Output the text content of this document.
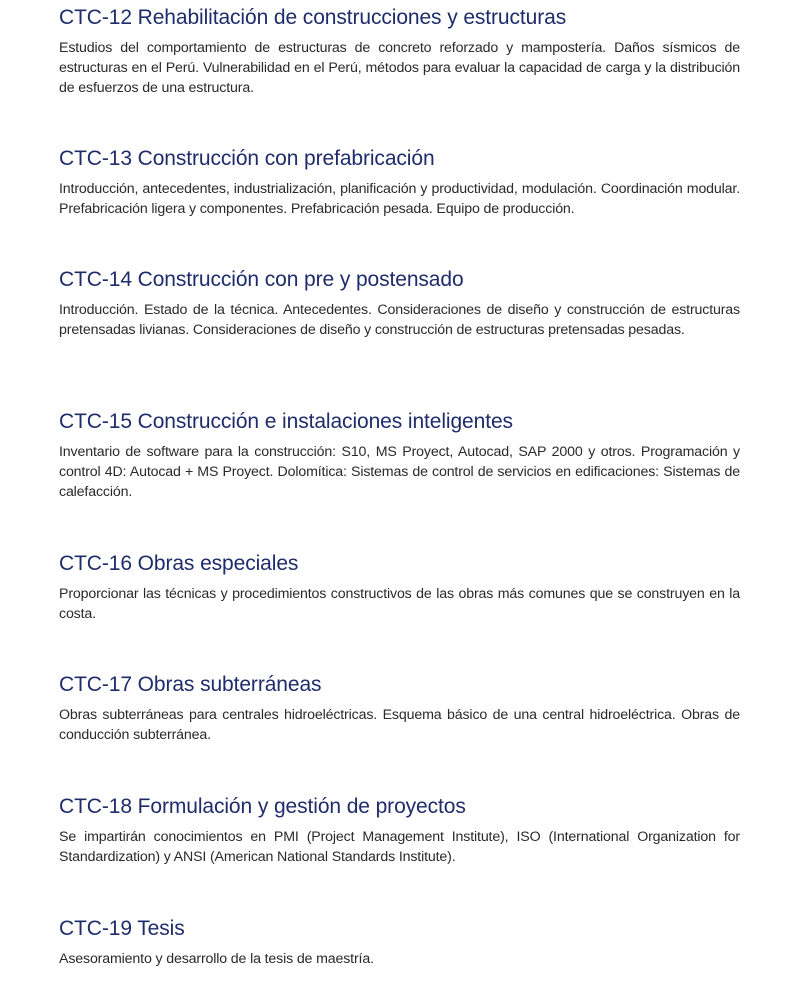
CTC-12 Rehabilitación de construcciones y estructuras

Estudios del comportamiento de estructuras de concreto reforzado y mampostería. Daños sísmicos de estructuras en el Perú. Vulnerabilidad en el Perú, métodos para evaluar la capacidad de carga y la distribución de esfuerzos de una estructura.

CTC-13 Construcción con prefabricación

Introducción, antecedentes, industrialización, planificación y productividad, modulación. Coordinación modular. Prefabricación ligera y componentes. Prefabricación pesada. Equipo de producción.

CTC-14 Construcción con pre y postensado

Introducción. Estado de la técnica. Antecedentes. Consideraciones de diseño y construcción de estructuras pretensadas livianas. Consideraciones de diseño y construcción de estructuras pretensadas pesadas.

CTC-15 Construcción e instalaciones inteligentes

Inventario de software para la construcción: S10, MS Proyect, Autocad, SAP 2000 y otros. Programación y control 4D: Autocad + MS Proyect. Dolomítica: Sistemas de control de servicios en edificaciones: Sistemas de calefacción.

CTC-16 Obras especiales

Proporcionar las técnicas y procedimientos constructivos de las obras más comunes que se construyen en la costa.

CTC-17 Obras subterráneas

Obras subterráneas para centrales hidroeléctricas. Esquema básico de una central hidroeléctrica. Obras de conducción subterránea.

CTC-18 Formulación y gestión de proyectos

Se impartirán conocimientos en PMI (Project Management Institute), ISO (International Organization for Standardization) y ANSI (American National Standards Institute).

CTC-19 Tesis

Asesoramiento y desarrollo de la tesis de maestría.
